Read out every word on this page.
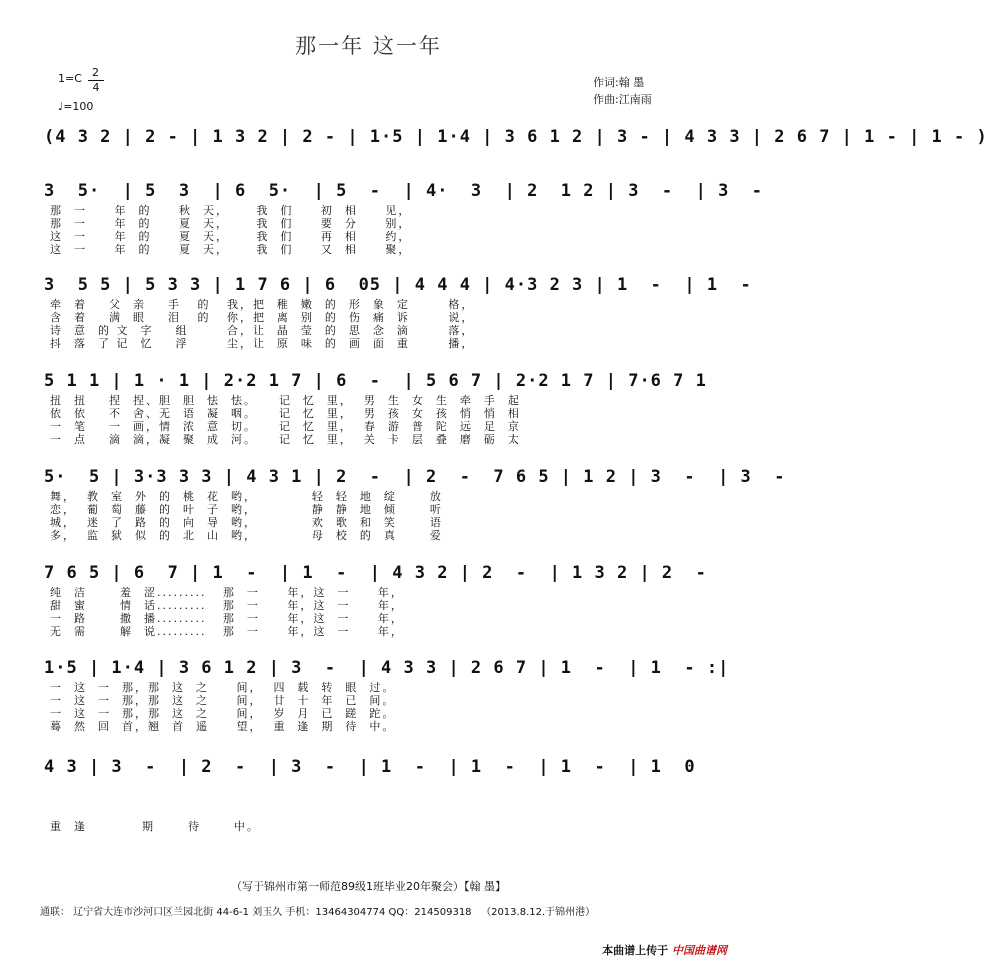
那一年 这一年
1=C 2
4
♩=100
作词:翰 墨
作曲:江南雨
(4 3 2 | 2 - | 1 3 2 | 2 - | 1·5 | 1·4 | 3 6 1 2 | 3 - | 4 3 3 | 2 6 7 | 1 - | 1 - )
3  5·  | 5  3  | 6  5·  | 5  -  | 4·  3  | 2  1 2 | 3  -  | 3  -
那  一     年  的     秋  天，     我  们     初  相     见，
那  一     年  的     夏  天，     我  们     要  分     别，
这  一     年  的     夏  天，     我  们     再  相     约，
这  一     年  的     夏  天，     我  们     又  相     聚，
3  5 5 | 5 3 3 | 1 7 6 | 6  05 | 4 4 4 | 4·3 2 3 | 1  -  | 1  -
牵  着    父  亲    手   的   我，把  稚  嫩  的  形  象  定       格，
含  着    满  眼    泪   的   你，把  离  别  的  伤  痛  诉       说，
诗  意  的 文  字    组       合，让  晶  莹  的  思  念  滴       落，
抖  落  了 记  忆    浮       尘，让  原  味  的  画  面  重       播，
5 1 1 | 1 · 1 | 2·2 1 7 | 6  -  | 5 6 7 | 2·2 1 7 | 7·6 7 1
扭  扭    捏  捏、胆  胆  怯  怯。    记  忆  里，  男  生  女  生  牵  手  起
依  依    不  舍、无  语  凝  咽。    记  忆  里，  男  孩  女  孩  悄  悄  相
一  笔    一  画，情  浓  意  切。    记  忆  里，  春  游  普  陀  远  足  京
一  点    滴  滴，凝  聚  成  河。    记  忆  里，  关  卡  层  叠  磨  砺  太
5·  5 | 3·3 3 3 | 4 3 1 | 2  -  | 2  -  7 6 5 | 1 2 | 3  -  | 3  -
舞，  教  室  外  的  桃  花  哟，          轻  轻  地  绽      放
恋，  葡  萄  藤  的  叶  子  哟，          静  静  地  倾      听
城，  迷  了  路  的  向  导  哟，          欢  歌  和  笑      语
多，  监  狱  似  的  北  山  哟，          母  校  的  真      爱
7 6 5 | 6  7 | 1  -  | 1  -  | 4 3 2 | 2  -  | 1 3 2 | 2  -
纯  洁      羞  涩.........   那  一     年，这  一     年，
甜  蜜      情  话.........   那  一     年，这  一     年，
一  路      撒  播.........   那  一     年，这  一     年，
无  需      解  说.........   那  一     年，这  一     年，
1·5 | 1·4 | 3 6 1 2 | 3  -  | 4 3 3 | 2 6 7 | 1  -  | 1  - :|
一  这  一  那，那  这  之     间，  四  载  转  眼  过。
一  这  一  那，那  这  之     间，  廿  十  年  已  间。
一  这  一  那，那  这  之     间，  岁  月  已  蹉  跎。
蓦  然  回  首，翘  首  遥     望，  重  逢  期  待  中。
4 3 | 3  -  | 2  -  | 3  -  | 1  -  | 1  -  | 1  -  | 1  0
重  逢          期      待      中。
（写于锦州市第一师范89级1班毕业20年聚会）【翰 墨】
通联： 辽宁省大连市沙河口区兰园北街 44-6-1 刘玉久 手机：13464304774 QQ：214509318   （2013.8.12.于锦州港）
本曲谱上传于 中国曲谱网
